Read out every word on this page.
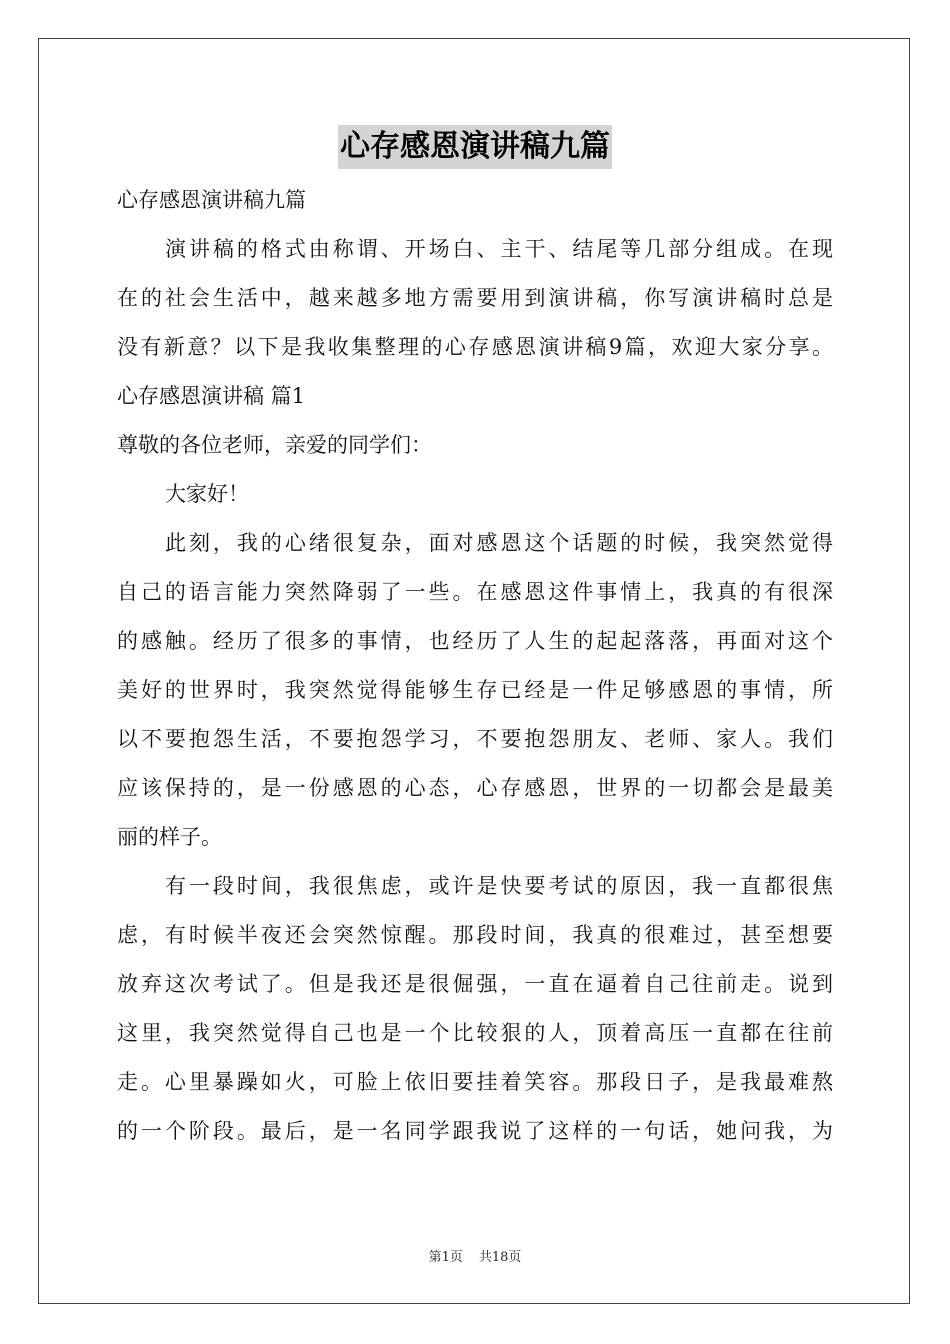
心存感恩演讲稿九篇
心存感恩演讲稿九篇
演讲稿的格式由称谓、开场白、主干、结尾等几部分组成。在现
在的社会生活中，越来越多地方需要用到演讲稿，你写演讲稿时总是
没有新意？以下是我收集整理的心存感恩演讲稿9篇，欢迎大家分享。
心存感恩演讲稿 篇1
尊敬的各位老师，亲爱的同学们：
大家好！
此刻，我的心绪很复杂，面对感恩这个话题的时候，我突然觉得
自己的语言能力突然降弱了一些。在感恩这件事情上，我真的有很深
的感触。经历了很多的事情，也经历了人生的起起落落，再面对这个
美好的世界时，我突然觉得能够生存已经是一件足够感恩的事情，所
以不要抱怨生活，不要抱怨学习，不要抱怨朋友、老师、家人。我们
应该保持的，是一份感恩的心态，心存感恩，世界的一切都会是最美
丽的样子。
有一段时间，我很焦虑，或许是快要考试的原因，我一直都很焦
虑，有时候半夜还会突然惊醒。那段时间，我真的很难过，甚至想要
放弃这次考试了。但是我还是很倔强，一直在逼着自己往前走。说到
这里，我突然觉得自己也是一个比较狠的人，顶着高压一直都在往前
走。心里暴躁如火，可脸上依旧要挂着笑容。那段日子，是我最难熬
的一个阶段。最后，是一名同学跟我说了这样的一句话，她问我，为
第1页 共18页
